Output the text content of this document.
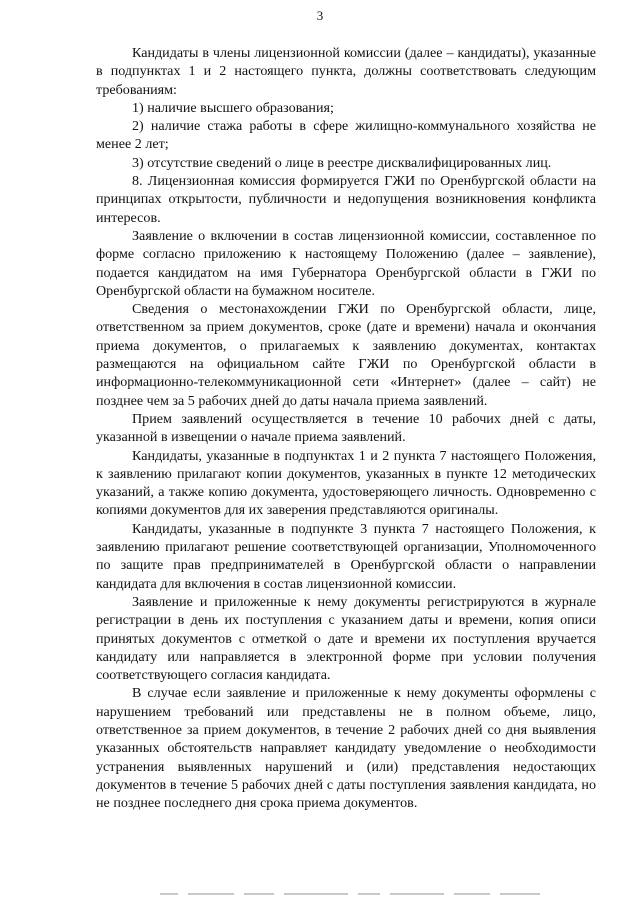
3

Кандидаты в члены лицензионной комиссии (далее – кандидаты), указанные в подпунктах 1 и 2 настоящего пункта, должны соответствовать следующим требованиям:

1) наличие высшего образования;

2) наличие стажа работы в сфере жилищно-коммунального хозяйства не менее 2 лет;

3) отсутствие сведений о лице в реестре дисквалифицированных лиц.

8. Лицензионная комиссия формируется ГЖИ по Оренбургской области на принципах открытости, публичности и недопущения возникновения конфликта интересов.

Заявление о включении в состав лицензионной комиссии, составленное по форме согласно приложению к настоящему Положению (далее – заявление), подается кандидатом на имя Губернатора Оренбургской области в ГЖИ по Оренбургской области на бумажном носителе.

Сведения о местонахождении ГЖИ по Оренбургской области, лице, ответственном за прием документов, сроке (дате и времени) начала и окончания приема документов, о прилагаемых к заявлению документах, контактах размещаются на официальном сайте ГЖИ по Оренбургской области в информационно-телекоммуникационной сети «Интернет» (далее – сайт) не позднее чем за 5 рабочих дней до даты начала приема заявлений.

Прием заявлений осуществляется в течение 10 рабочих дней с даты, указанной в извещении о начале приема заявлений.

Кандидаты, указанные в подпунктах 1 и 2 пункта 7 настоящего Положения, к заявлению прилагают копии документов, указанных в пункте 12 методических указаний, а также копию документа, удостоверяющего личность. Одновременно с копиями документов для их заверения представляются оригиналы.

Кандидаты, указанные в подпункте 3 пункта 7 настоящего Положения, к заявлению прилагают решение соответствующей организации, Уполномоченного по защите прав предпринимателей в Оренбургской области о направлении кандидата для включения в состав лицензионной комиссии.

Заявление и приложенные к нему документы регистрируются в журнале регистрации в день их поступления с указанием даты и времени, копия описи принятых документов с отметкой о дате и времени их поступления вручается кандидату или направляется в электронной форме при условии получения соответствующего согласия кандидата.

В случае если заявление и приложенные к нему документы оформлены с нарушением требований или представлены не в полном объеме, лицо, ответственное за прием документов, в течение 2 рабочих дней со дня выявления указанных обстоятельств направляет кандидату уведомление о необходимости устранения выявленных нарушений и (или) представления недостающих документов в течение 5 рабочих дней с даты поступления заявления кандидата, но не позднее последнего дня срока приема документов.
